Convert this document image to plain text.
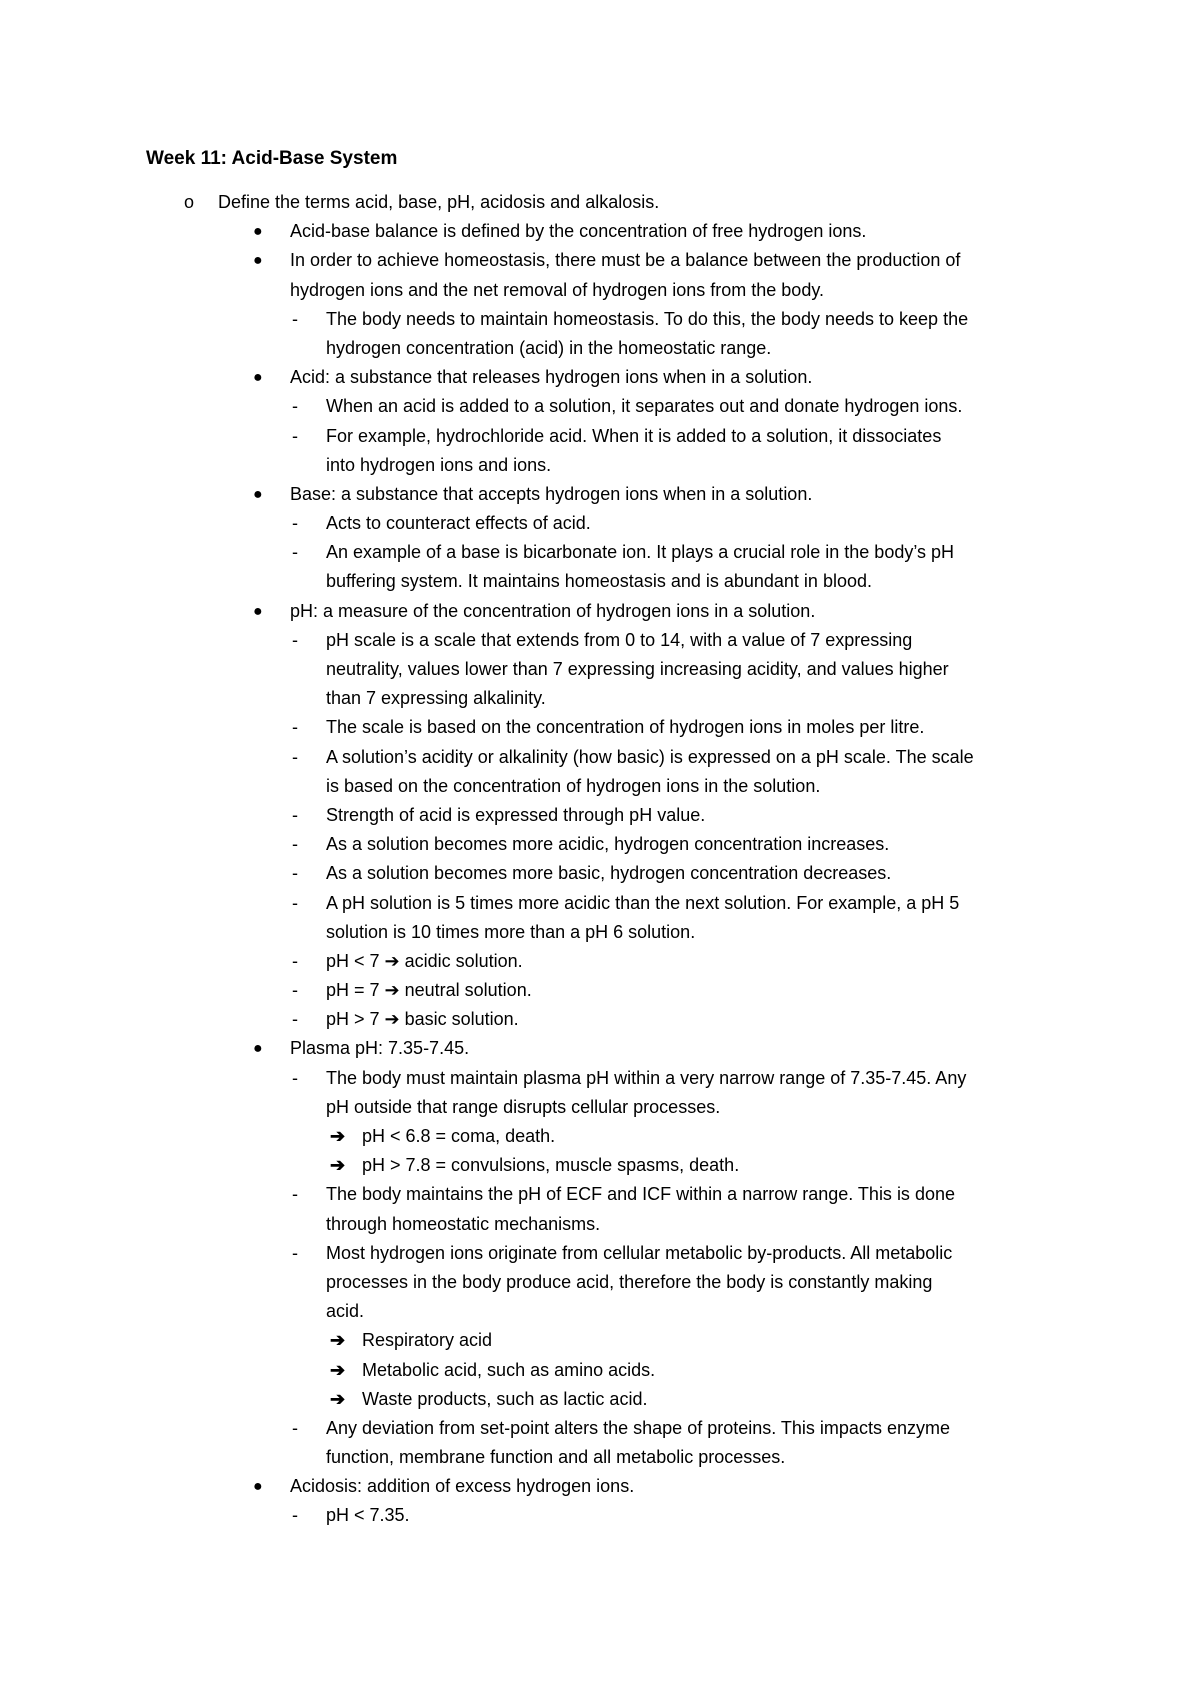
Week 11: Acid-Base System
o Define the terms acid, base, pH, acidosis and alkalosis.
● Acid-base balance is defined by the concentration of free hydrogen ions.
● In order to achieve homeostasis, there must be a balance between the production of
hydrogen ions and the net removal of hydrogen ions from the body.
- The body needs to maintain homeostasis. To do this, the body needs to keep the
hydrogen concentration (acid) in the homeostatic range.
● Acid: a substance that releases hydrogen ions when in a solution.
- When an acid is added to a solution, it separates out and donate hydrogen ions.
- For example, hydrochloride acid. When it is added to a solution, it dissociates
into hydrogen ions and ions.
● Base: a substance that accepts hydrogen ions when in a solution.
- Acts to counteract effects of acid.
- An example of a base is bicarbonate ion. It plays a crucial role in the body’s pH
buffering system. It maintains homeostasis and is abundant in blood.
● pH: a measure of the concentration of hydrogen ions in a solution.
- pH scale is a scale that extends from 0 to 14, with a value of 7 expressing
neutrality, values lower than 7 expressing increasing acidity, and values higher
than 7 expressing alkalinity.
- The scale is based on the concentration of hydrogen ions in moles per litre.
- A solution’s acidity or alkalinity (how basic) is expressed on a pH scale. The scale
is based on the concentration of hydrogen ions in the solution.
- Strength of acid is expressed through pH value.
- As a solution becomes more acidic, hydrogen concentration increases.
- As a solution becomes more basic, hydrogen concentration decreases.
- A pH solution is 5 times more acidic than the next solution. For example, a pH 5
solution is 10 times more than a pH 6 solution.
- pH < 7 ➔ acidic solution.
- pH = 7 ➔ neutral solution.
- pH > 7 ➔ basic solution.
● Plasma pH: 7.35-7.45.
- The body must maintain plasma pH within a very narrow range of 7.35-7.45. Any
pH outside that range disrupts cellular processes.
➔ pH < 6.8 = coma, death.
➔ pH > 7.8 = convulsions, muscle spasms, death.
- The body maintains the pH of ECF and ICF within a narrow range. This is done
through homeostatic mechanisms.
- Most hydrogen ions originate from cellular metabolic by-products. All metabolic
processes in the body produce acid, therefore the body is constantly making
acid.
➔ Respiratory acid
➔ Metabolic acid, such as amino acids.
➔ Waste products, such as lactic acid.
- Any deviation from set-point alters the shape of proteins. This impacts enzyme
function, membrane function and all metabolic processes.
● Acidosis: addition of excess hydrogen ions.
- pH < 7.35.
